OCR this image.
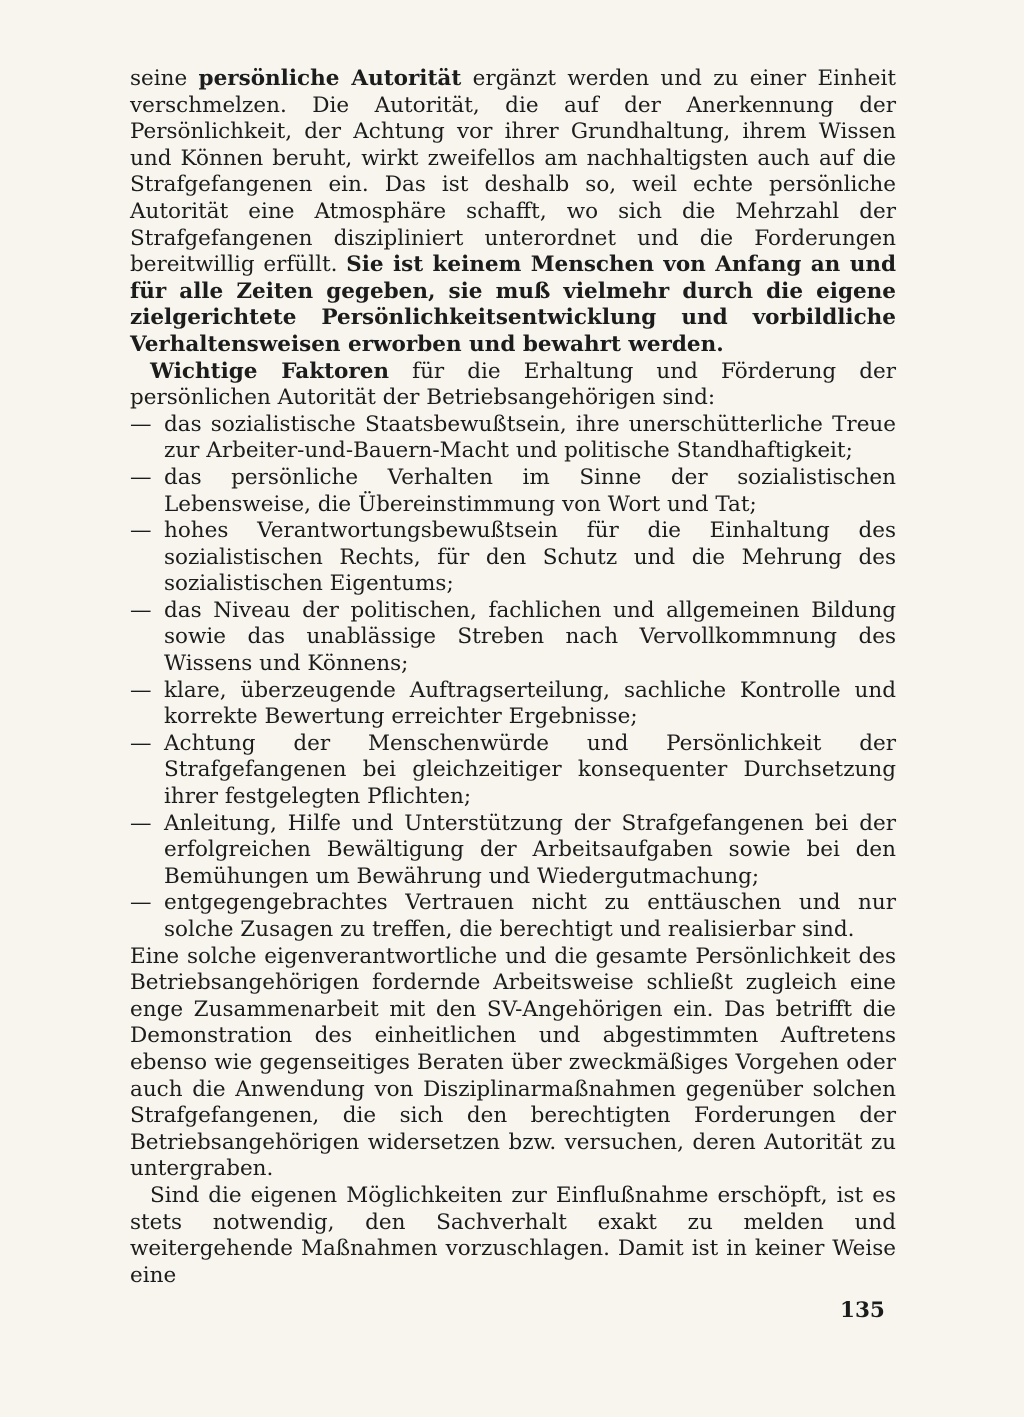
seine persönliche Autorität ergänzt werden und zu einer Einheit verschmelzen. Die Autorität, die auf der Anerkennung der Persönlichkeit, der Achtung vor ihrer Grundhaltung, ihrem Wissen und Können beruht, wirkt zweifellos am nachhaltigsten auch auf die Strafgefangenen ein. Das ist deshalb so, weil echte persönliche Autorität eine Atmosphäre schafft, wo sich die Mehrzahl der Strafgefangenen diszipliniert unterordnet und die Forderungen bereitwillig erfüllt. Sie ist keinem Menschen von Anfang an und für alle Zeiten gegeben, sie muß vielmehr durch die eigene zielgerichtete Persönlichkeitsentwicklung und vorbildliche Verhaltensweisen erworben und bewahrt werden.

Wichtige Faktoren für die Erhaltung und Förderung der persönlichen Autorität der Betriebsangehörigen sind:

— das sozialistische Staatsbewußtsein, ihre unerschütterliche Treue zur Arbeiter-und-Bauern-Macht und politische Standhaftigkeit;
— das persönliche Verhalten im Sinne der sozialistischen Lebensweise, die Übereinstimmung von Wort und Tat;
— hohes Verantwortungsbewußtsein für die Einhaltung des sozialistischen Rechts, für den Schutz und die Mehrung des sozialistischen Eigentums;
— das Niveau der politischen, fachlichen und allgemeinen Bildung sowie das unablässige Streben nach Vervollkommnung des Wissens und Könnens;
— klare, überzeugende Auftragserteilung, sachliche Kontrolle und korrekte Bewertung erreichter Ergebnisse;
— Achtung der Menschenwürde und Persönlichkeit der Strafgefangenen bei gleichzeitiger konsequenter Durchsetzung ihrer festgelegten Pflichten;
— Anleitung, Hilfe und Unterstützung der Strafgefangenen bei der erfolgreichen Bewältigung der Arbeitsaufgaben sowie bei den Bemühungen um Bewährung und Wiedergutmachung;
— entgegengebrachtes Vertrauen nicht zu enttäuschen und nur solche Zusagen zu treffen, die berechtigt und realisierbar sind.

Eine solche eigenverantwortliche und die gesamte Persönlichkeit des Betriebsangehörigen fordernde Arbeitsweise schließt zugleich eine enge Zusammenarbeit mit den SV-Angehörigen ein. Das betrifft die Demonstration des einheitlichen und abgestimmten Auftretens ebenso wie gegenseitiges Beraten über zweckmäßiges Vorgehen oder auch die Anwendung von Disziplinarmaßnahmen gegenüber solchen Strafgefangenen, die sich den berechtigten Forderungen der Betriebsangehörigen widersetzen bzw. versuchen, deren Autorität zu untergraben.

Sind die eigenen Möglichkeiten zur Einflußnahme erschöpft, ist es stets notwendig, den Sachverhalt exakt zu melden und weitergehende Maßnahmen vorzuschlagen. Damit ist in keiner Weise eine

135
